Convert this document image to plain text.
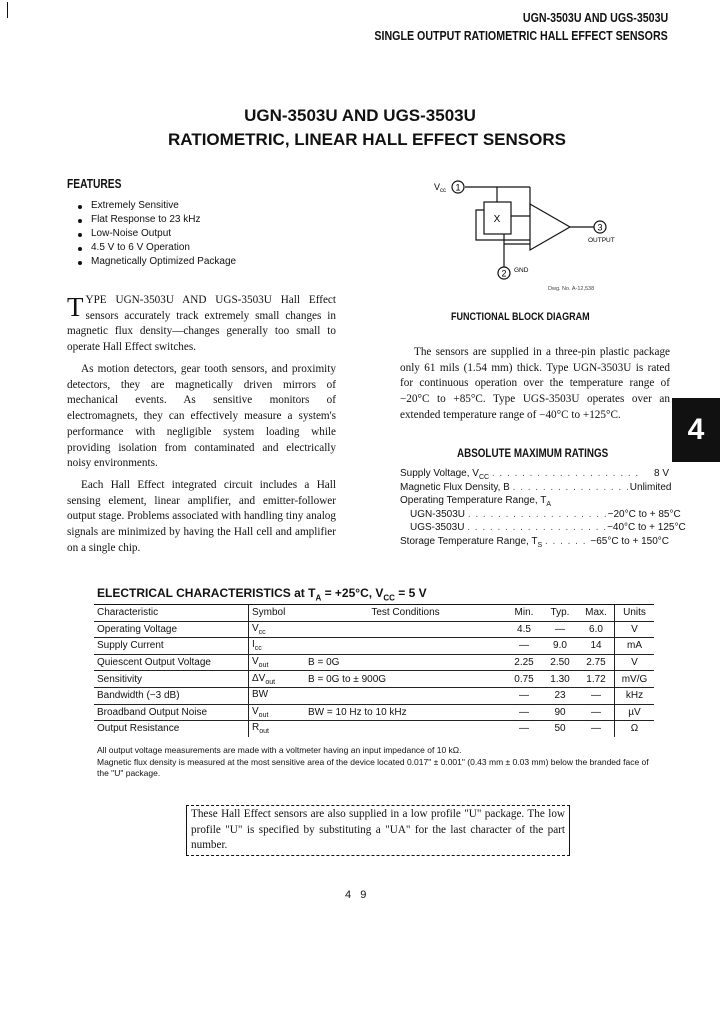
UGN-3503U AND UGS-3503U
SINGLE OUTPUT RATIOMETRIC HALL EFFECT SENSORS
UGN-3503U AND UGS-3503U
RATIOMETRIC, LINEAR HALL EFFECT SENSORS
FEATURES
Extremely Sensitive
Flat Response to 23 kHz
Low-Noise Output
4.5 V to 6 V Operation
Magnetically Optimized Package
TYPE UGN-3503U AND UGS-3503U Hall Effect sensors accurately track extremely small changes in magnetic flux density—changes generally too small to operate Hall Effect switches.
As motion detectors, gear tooth sensors, and proximity detectors, they are magnetically driven mirrors of mechanical events. As sensitive monitors of electromagnets, they can effectively measure a system's performance with negligible system loading while providing isolation from contaminated and electrically noisy environments.
Each Hall Effect integrated circuit includes a Hall sensing element, linear amplifier, and emitter-follower output stage. Problems associated with handling tiny analog signals are minimized by having the Hall cell and amplifier on a single chip.
1
3
2
X
$V_{cc}$
OUTPUT
GND
Dwg. No. A-12,538
FUNCTIONAL BLOCK DIAGRAM
The sensors are supplied in a three-pin plastic package only 61 mils (1.54 mm) thick. Type UGN-3503U is rated for continuous operation over the temperature range of −20°C to +85°C. Type UGS-3503U operates over an extended temperature range of −40°C to +125°C.
ABSOLUTE MAXIMUM RATINGS
Supply Voltage, $V_{CC}$ . . . . . . . . . . . . . . . . . . . . 8 V
Magnetic Flux Density, B . . . . . . . . . . . . . . . . Unlimited
Operating Temperature Range, $T_A$
UGN-3503U . . . . . . . . . . . . . . . . . . . −20°C to + 85°C
UGS-3503U . . . . . . . . . . . . . . . . . . . −40°C to + 125°C
Storage Temperature Range, $T_S$ . . . . . . −65°C to + 150°C
4
ELECTRICAL CHARACTERISTICS at $T_A = +25^\circ C$, $V_{CC} = 5$ V
Characteristic	Symbol	Test Conditions	Min.	Typ.	Max.	Units
Operating Voltage	$V_{cc}$		4.5	—	6.0	V
Supply Current	$I_{cc}$		—	9.0	14	mA
Quiescent Output Voltage	$V_{out}$	B = 0G	2.25	2.50	2.75	V
Sensitivity	$\Delta V_{out}$	B = 0G to ± 900G	0.75	1.30	1.72	mV/G
Bandwidth (−3 dB)	BW		—	23	—	kHz
Broadband Output Noise	$V_{out}$	BW = 10 Hz to 10 kHz	—	90	—	µV
Output Resistance	$R_{out}$		—	50	—	Ω
All output voltage measurements are made with a voltmeter having an input impedance of 10 kΩ.
Magnetic flux density is measured at the most sensitive area of the device located 0.017" ± 0.001" (0.43 mm ± 0.03 mm) below the branded face of the "U" package.
These Hall Effect sensors are also supplied in a low profile "U" package. The low profile "U" is specified by substituting a "UA" for the last character of the part number.
4   9
